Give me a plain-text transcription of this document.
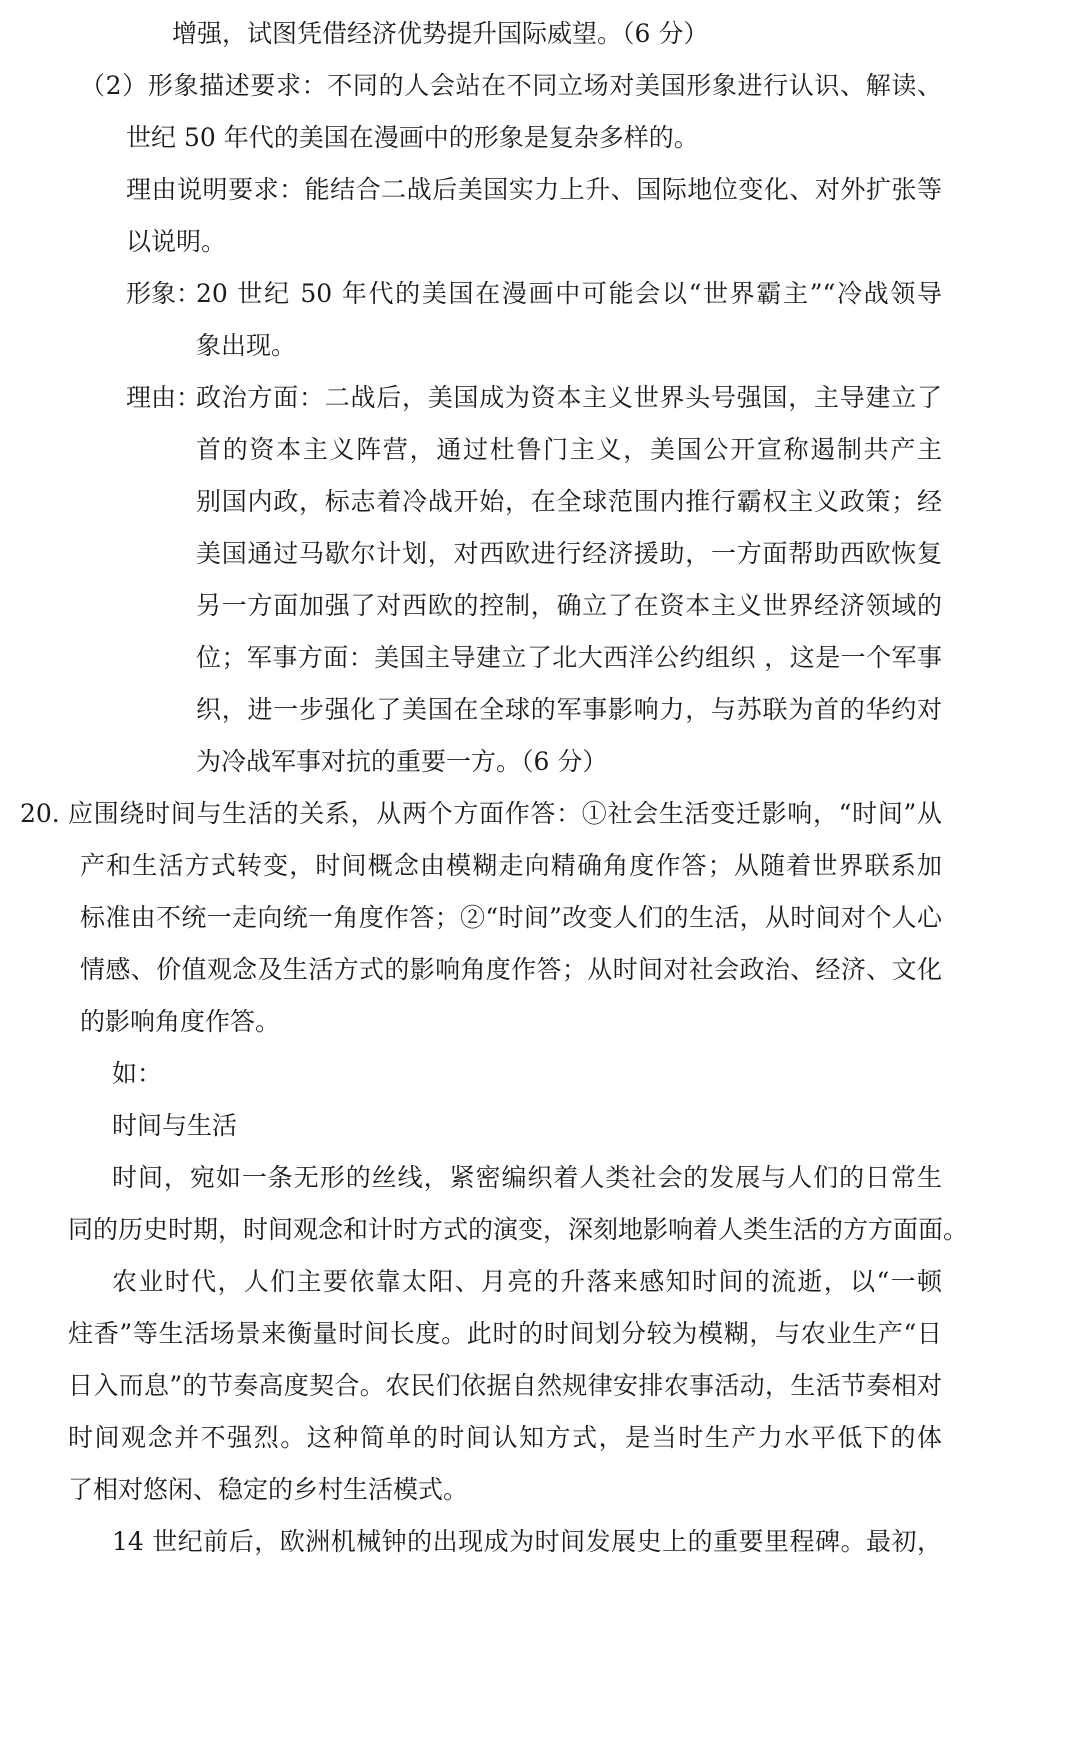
增强，试图凭借经济优势提升国际威望。（6 分）
（2）形象描述要求：不同的人会站在不同立场对美国形象进行认识、解读、
世纪 50 年代的美国在漫画中的形象是复杂多样的。
理由说明要求：能结合二战后美国实力上升、国际地位变化、对外扩张等
以说明。
形象：
20 世纪 50 年代的美国在漫画中可能会以“世界霸主”“冷战领导
象出现。
理由：
政治方面：二战后，美国成为资本主义世界头号强国，主导建立了
首的资本主义阵营，通过杜鲁门主义，美国公开宣称遏制共产主
别国内政，标志着冷战开始，在全球范围内推行霸权主义政策；经
美国通过马歇尔计划，对西欧进行经济援助，一方面帮助西欧恢复
另一方面加强了对西欧的控制，确立了在资本主义世界经济领域的
位；军事方面：美国主导建立了北大西洋公约组织 ，这是一个军事
织，进一步强化了美国在全球的军事影响力，与苏联为首的华约对
为冷战军事对抗的重要一方。（6 分）
20. 应围绕时间与生活的关系，从两个方面作答：①社会生活变迁影响，“时间”从
产和生活方式转变，时间概念由模糊走向精确角度作答；从随着世界联系加
标准由不统一走向统一角度作答；②“时间”改变人们的生活，从时间对个人心
情感、价值观念及生活方式的影响角度作答；从时间对社会政治、经济、文化
的影响角度作答。
如：
时间与生活
时间，宛如一条无形的丝线，紧密编织着人类社会的发展与人们的日常生
同的历史时期，时间观念和计时方式的演变，深刻地影响着人类生活的方方面面。
农业时代，人们主要依靠太阳、月亮的升落来感知时间的流逝，以“一顿
炷香”等生活场景来衡量时间长度。此时的时间划分较为模糊，与农业生产“日
日入而息”的节奏高度契合。农民们依据自然规律安排农事活动，生活节奏相对
时间观念并不强烈。这种简单的时间认知方式，是当时生产力水平低下的体
了相对悠闲、稳定的乡村生活模式。
14 世纪前后，欧洲机械钟的出现成为时间发展史上的重要里程碑。最初，
